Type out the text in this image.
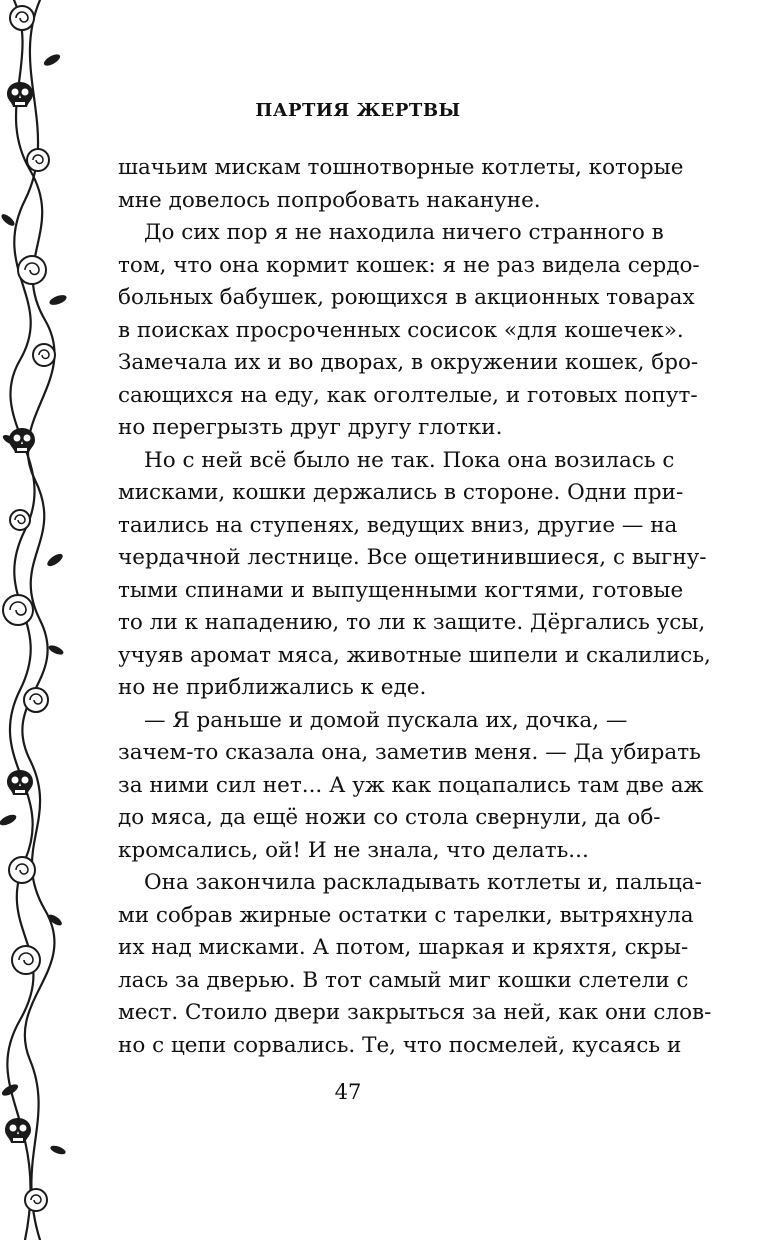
ПАРТИЯ ЖЕРТВЫ
шачьим мискам тошнотворные котлеты, которые
мне довелось попробовать накануне.
До сих пор я не находила ничего странного в
том, что она кормит кошек: я не раз видела сердо-
больных бабушек, роющихся в акционных товарах
в поисках просроченных сосисок «для кошечек».
Замечала их и во дворах, в окружении кошек, бро-
сающихся на еду, как оголтелые, и готовых попут-
но перегрызть друг другу глотки.
Но с ней всё было не так. Пока она возилась с
мисками, кошки держались в стороне. Одни при-
таились на ступенях, ведущих вниз, другие — на
чердачной лестнице. Все ощетинившиеся, с выгну-
тыми спинами и выпущенными когтями, готовые
то ли к нападению, то ли к защите. Дёргались усы,
учуяв аромат мяса, животные шипели и скалились,
но не приближались к еде.
— Я раньше и домой пускала их, дочка, —
зачем-то сказала она, заметив меня. — Да убирать
за ними сил нет... А уж как поцапались там две аж
до мяса, да ещё ножи со стола свернули, да об-
кромсались, ой! И не знала, что делать...
Она закончила раскладывать котлеты и, пальца-
ми собрав жирные остатки с тарелки, вытряхнула
их над мисками. А потом, шаркая и кряхтя, скры-
лась за дверью. В тот самый миг кошки слетели с
мест. Стоило двери закрыться за ней, как они слов-
но с цепи сорвались. Те, что посмелей, кусаясь и
47
